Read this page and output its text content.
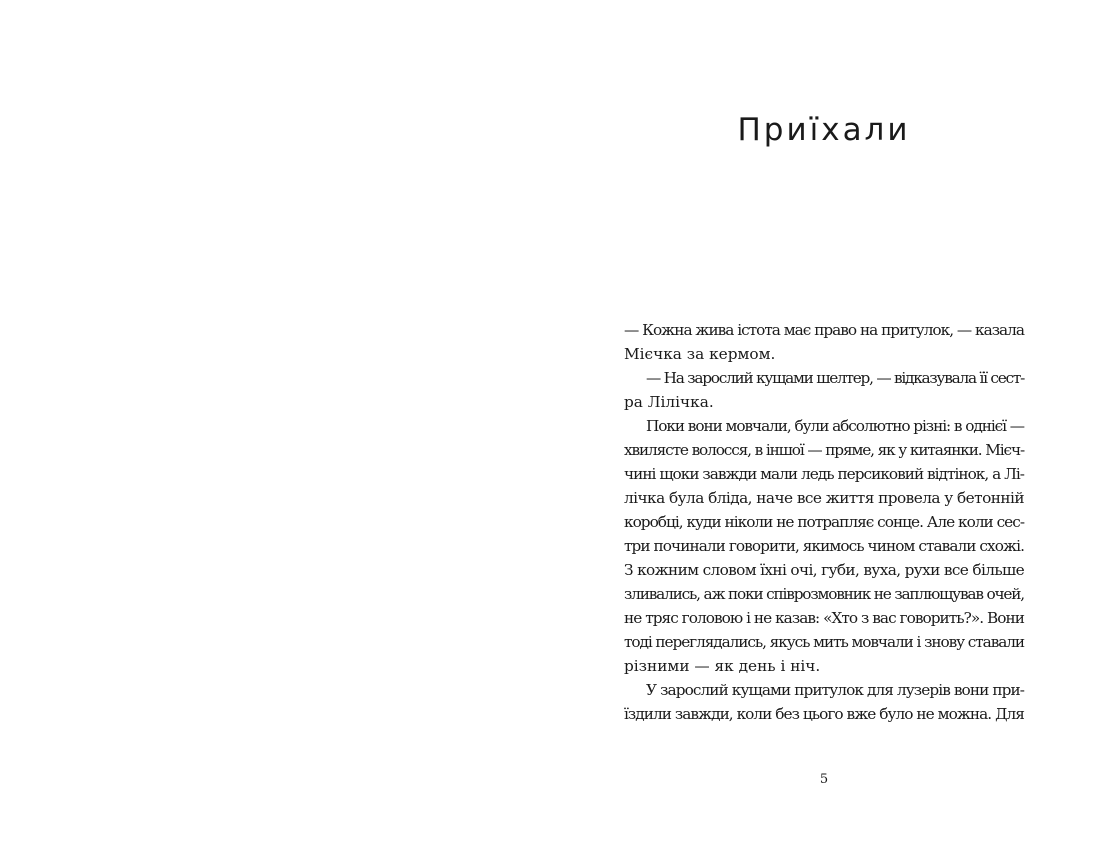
Приїхали
— Кожна жива істота має право на притулок, — казала
Мієчка за кермом.
— На зарослий кущами шелтер, — відказувала її сест-
ра Лілічка.
Поки вони мовчали, були абсолютно різні: в однієї —
хвилясте волосся, в іншої — пряме, як у китаянки. Мієч-
чині щоки завжди мали ледь персиковий відтінок, а Лі-
лічка була бліда, наче все життя провела у бетонній
коробці, куди ніколи не потрапляє сонце. Але коли сес-
три починали говорити, якимось чином ставали схожі.
З кожним словом їхні очі, губи, вуха, рухи все більше
зливались, аж поки співрозмовник не заплющував очей,
не тряс головою і не казав: «Хто з вас говорить?». Вони
тоді переглядались, якусь мить мовчали і знову ставали
різними — як день і ніч.
У зарослий кущами притулок для лузерів вони при-
їздили завжди, коли без цього вже було не можна. Для
5
